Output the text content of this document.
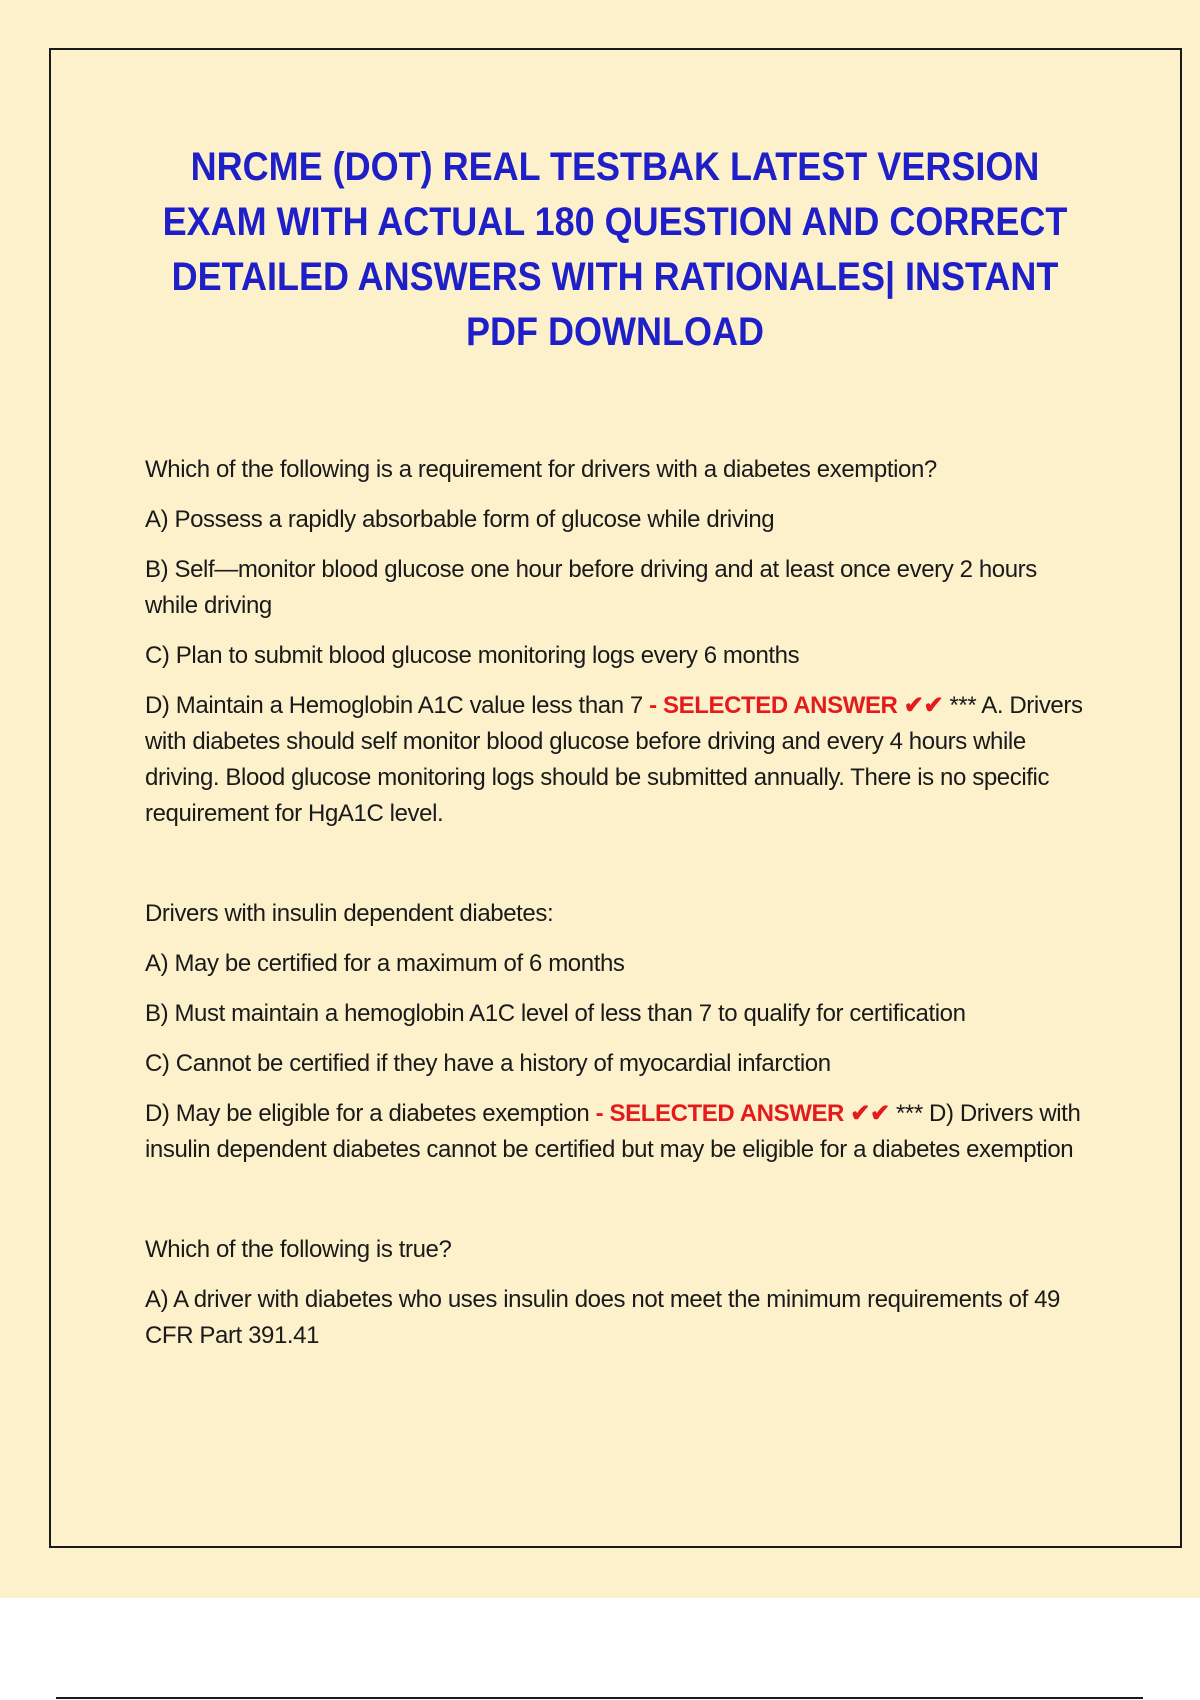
NRCME (DOT) REAL TESTBAK LATEST VERSION EXAM WITH ACTUAL 180 QUESTION AND CORRECT DETAILED ANSWERS WITH RATIONALES| INSTANT PDF DOWNLOAD

Which of the following is a requirement for drivers with a diabetes exemption?

A) Possess a rapidly absorbable form of glucose while driving

B) Self—monitor blood glucose one hour before driving and at least once every 2 hours while driving

C) Plan to submit blood glucose monitoring logs every 6 months

D) Maintain a Hemoglobin A1C value less than 7 - SELECTED ANSWER ✔✔ *** A. Drivers with diabetes should self monitor blood glucose before driving and every 4 hours while driving. Blood glucose monitoring logs should be submitted annually. There is no specific requirement for HgA1C level.

Drivers with insulin dependent diabetes:

A) May be certified for a maximum of 6 months

B) Must maintain a hemoglobin A1C level of less than 7 to qualify for certification

C) Cannot be certified if they have a history of myocardial infarction

D) May be eligible for a diabetes exemption - SELECTED ANSWER ✔✔ *** D) Drivers with insulin dependent diabetes cannot be certified but may be eligible for a diabetes exemption

Which of the following is true?

A) A driver with diabetes who uses insulin does not meet the minimum requirements of 49 CFR Part 391.41
